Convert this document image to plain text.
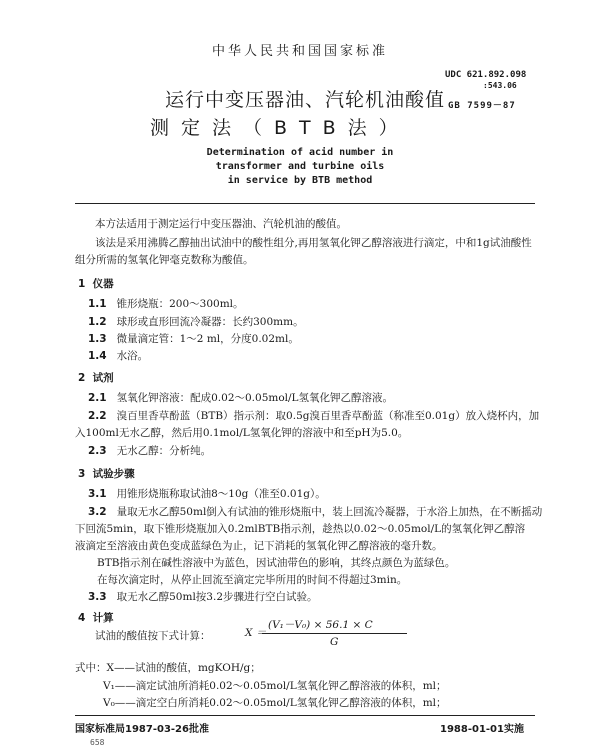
中华人民共和国国家标准
运行中变压器油、汽轮机油酸值
测定法（BTB法）
UDC 621.892.098
:543.06
GB 7599－87
Determination of acid number in
transformer and turbine oils
in service by BTB method
本方法适用于测定运行中变压器油、汽轮机油的酸值。
该法是采用沸腾乙醇抽出试油中的酸性组分,再用氢氧化钾乙醇溶液进行滴定，中和1g试油酸性
组分所需的氢氧化钾毫克数称为酸值。
1 仪器
1.1 锥形烧瓶：200～300ml。
1.2 球形或直形回流冷凝器：长约300mm。
1.3 微量滴定管：1～2 ml，分度0.02ml。
1.4 水浴。
2 试剂
2.1 氢氧化钾溶液：配成0.02～0.05mol/L氢氧化钾乙醇溶液。
2.2 溴百里香草酚蓝（BTB）指示剂：取0.5g溴百里香草酚蓝（称准至0.01g）放入烧杯内，加
入100ml无水乙醇，然后用0.1mol/L氢氧化钾的溶液中和至pH为5.0。
2.3 无水乙醇：分析纯。
3 试验步骤
3.1 用锥形烧瓶称取试油8～10g（准至0.01g）。
3.2 量取无水乙醇50ml倒入有试油的锥形烧瓶中，装上回流冷凝器，于水浴上加热，在不断摇动
下回流5min，取下锥形烧瓶加入0.2mlBTB指示剂，趁热以0.02～0.05mol/L的氢氧化钾乙醇溶
液滴定至溶液由黄色变成蓝绿色为止，记下消耗的氢氧化钾乙醇溶液的毫升数。
BTB指示剂在碱性溶液中为蓝色，因试油带色的影响，其终点颜色为蓝绿色。
在每次滴定时，从停止回流至滴定完毕所用的时间不得超过3min。
3.3 取无水乙醇50ml按3.2步骤进行空白试验。
4 计算
试油的酸值按下式计算：	X ＝
(V₁－V₀) × 56.1 × C
G
式中：X——试油的酸值，mgKOH/g；
V₁——滴定试油所消耗0.02～0.05mol/L氢氧化钾乙醇溶液的体积，ml；
V₀——滴定空白所消耗0.02～0.05mol/L氢氧化钾乙醇溶液的体积，ml；
国家标准局1987-03-26批准	1988-01-01实施
658
